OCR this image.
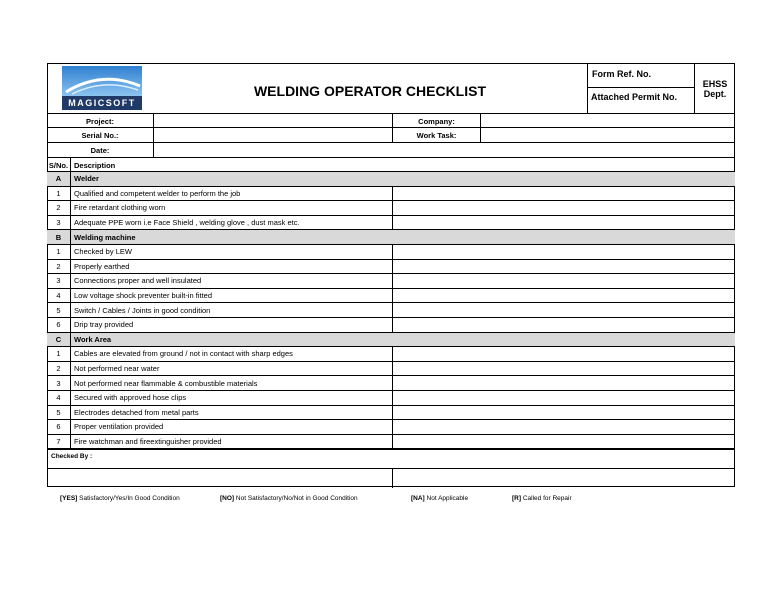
MAGICSOFT
WELDING OPERATOR CHECKLIST
Form Ref. No.
Attached Permit No.
EHSS
Dept.
Project:	Company:
Serial No.:	Work Task:
Date:
S/No. Description
A	Welder
1	Qualified and competent welder to perform the job
2	Fire retardant clothing worn
3	Adequate PPE worn i.e Face Shield , welding glove , dust mask etc.
B	Welding machine
1	Checked by LEW
2	Properly earthed
3	Connections proper and well insulated
4	Low voltage shock preventer built-in fitted
5	Switch / Cables / Joints in good condition
6	Drip tray provided
C	Work Area
1	Cables are elevated from ground / not in contact with sharp edges
2	Not performed near water
3	Not performed near flammable & combustible materials
4	Secured with approved hose clips
5	Electrodes detached from metal parts
6	Proper ventilation provided
7	Fire watchman and fireextinguisher provided
Checked By :
[YES] Satisfactory/Yes/In Good Condition	[NO] Not Satisfactory/No/Not in Good Condition	[NA] Not Applicable	[R] Called for Repair
